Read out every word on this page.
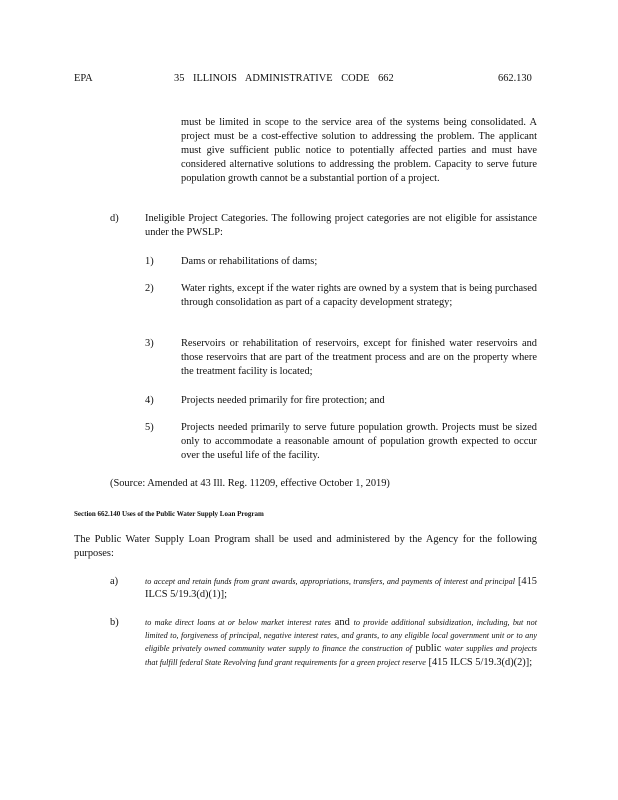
EPA	35 ILLINOIS ADMINISTRATIVE CODE 662	662.130
must be limited in scope to the service area of the systems being consolidated. A project must be a cost-effective solution to addressing the problem. The applicant must give sufficient public notice to potentially affected parties and must have considered alternative solutions to addressing the problem. Capacity to serve future population growth cannot be a substantial portion of a project.
d)	Ineligible Project Categories. The following project categories are not eligible for assistance under the PWSLP:
1)	Dams or rehabilitations of dams;
2)	Water rights, except if the water rights are owned by a system that is being purchased through consolidation as part of a capacity development strategy;
3)	Reservoirs or rehabilitation of reservoirs, except for finished water reservoirs and those reservoirs that are part of the treatment process and are on the property where the treatment facility is located;
4)	Projects needed primarily for fire protection; and
5)	Projects needed primarily to serve future population growth. Projects must be sized only to accommodate a reasonable amount of population growth expected to occur over the useful life of the facility.
(Source: Amended at 43 Ill. Reg. 11209, effective October 1, 2019)
Section 662.140 Uses of the Public Water Supply Loan Program
The Public Water Supply Loan Program shall be used and administered by the Agency for the following purposes:
a)	to accept and retain funds from grant awards, appropriations, transfers, and payments of interest and principal [415 ILCS 5/19.3(d)(1)];
b)	to make direct loans at or below market interest rates and to provide additional subsidization, including, but not limited to, forgiveness of principal, negative interest rates, and grants, to any eligible local government unit or to any eligible privately owned community water supply to finance the construction of public water supplies and projects that fulfill federal State Revolving fund grant requirements for a green project reserve [415 ILCS 5/19.3(d)(2)];
